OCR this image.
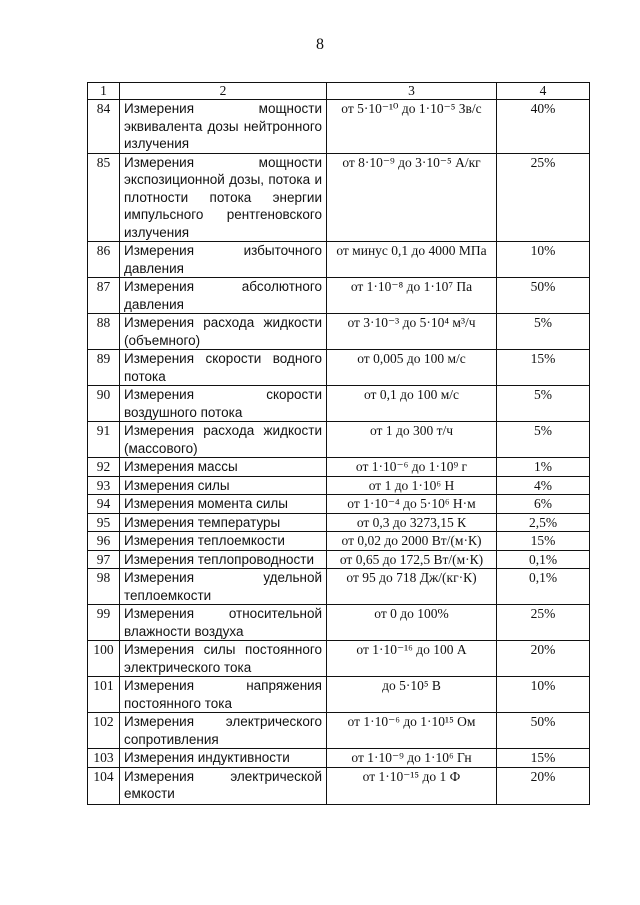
8
1	2	3	4
84	Измерения мощности эквивалента дозы нейтронного излучения	от 5·10⁻¹⁰ до 1·10⁻⁵ Зв/с	40%
85	Измерения мощности экспозиционной дозы, потока и плотности потока энергии импульсного рентгеновского излучения	от 8·10⁻⁹ до 3·10⁻⁵ А/кг	25%
86	Измерения избыточного давления	от минус 0,1 до 4000 МПа	10%
87	Измерения абсолютного давления	от 1·10⁻⁸ до 1·10⁷ Па	50%
88	Измерения расхода жидкости (объемного)	от 3·10⁻³ до 5·10⁴ м³/ч	5%
89	Измерения скорости водного потока	от 0,005 до 100 м/с	15%
90	Измерения скорости воздушного потока	от 0,1 до 100 м/с	5%
91	Измерения расхода жидкости (массового)	от 1 до 300 т/ч	5%
92	Измерения массы	от 1·10⁻⁶ до 1·10⁹ г	1%
93	Измерения силы	от 1 до 1·10⁶ Н	4%
94	Измерения момента силы	от 1·10⁻⁴ до 5·10⁶ Н·м	6%
95	Измерения температуры	от 0,3 до 3273,15 К	2,5%
96	Измерения теплоемкости	от 0,02 до 2000 Вт/(м·К)	15%
97	Измерения теплопроводности	от 0,65 до 172,5 Вт/(м·К)	0,1%
98	Измерения удельной теплоемкости	от 95 до 718 Дж/(кг·К)	0,1%
99	Измерения относительной влажности воздуха	от 0 до 100%	25%
100	Измерения силы постоянного электрического тока	от 1·10⁻¹⁶ до 100 А	20%
101	Измерения напряжения постоянного тока	до 5·10⁵ В	10%
102	Измерения электрического сопротивления	от 1·10⁻⁶ до 1·10¹⁵ Ом	50%
103	Измерения индуктивности	от 1·10⁻⁹ до 1·10⁶ Гн	15%
104	Измерения электрической емкости	от 1·10⁻¹⁵ до 1 Ф	20%
